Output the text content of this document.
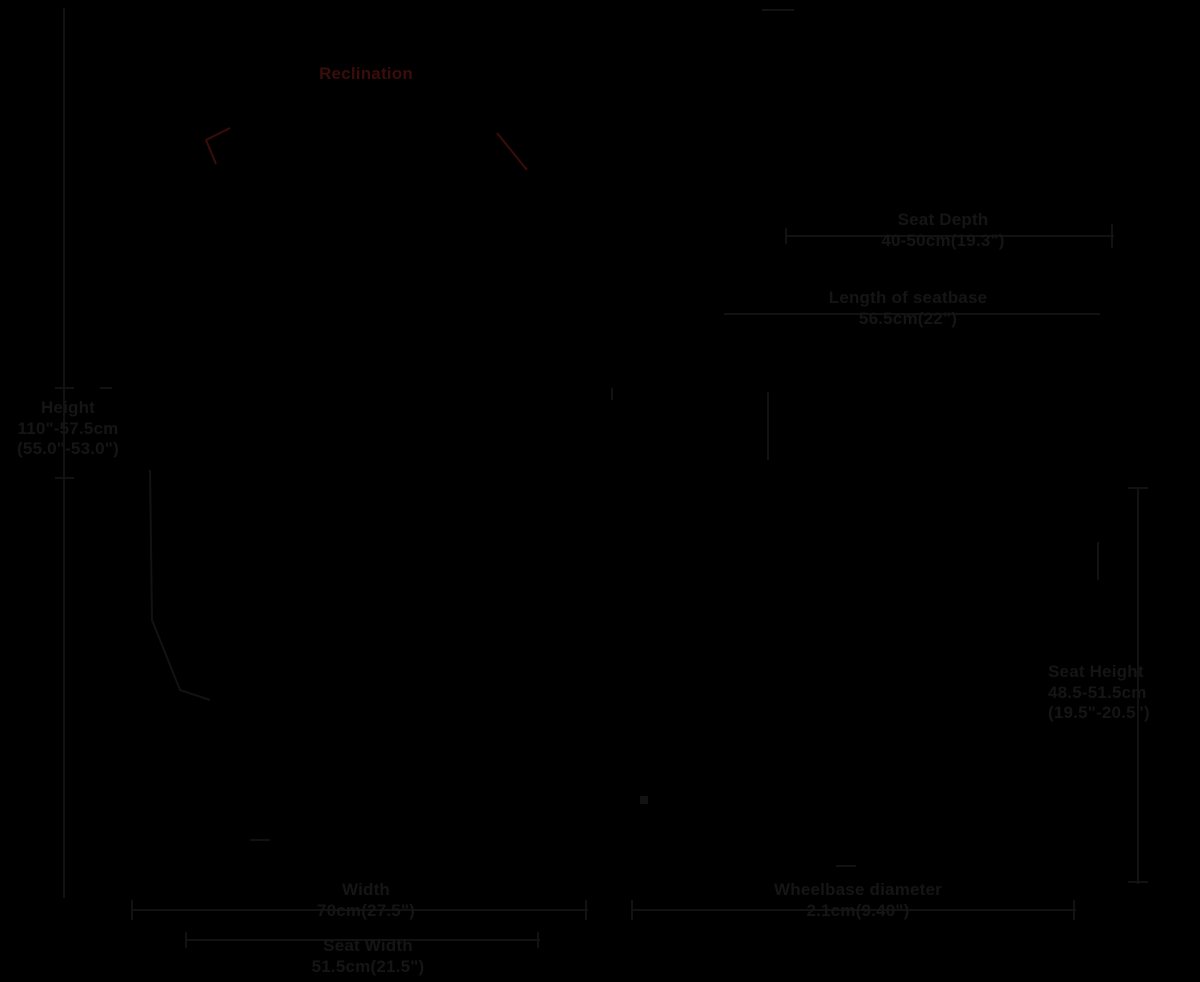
Reclination
Seat Depth
40-50cm(19.3")
Length of seatbase
56.5cm(22")
Height
110"-57.5cm
(55.0"-53.0")
Seat Height
48.5-51.5cm
(19.5"-20.5")
Width
70cm(27.5")
Seat Width
51.5cm(21.5")
Wheelbase diameter
2.1cm(9.40")
